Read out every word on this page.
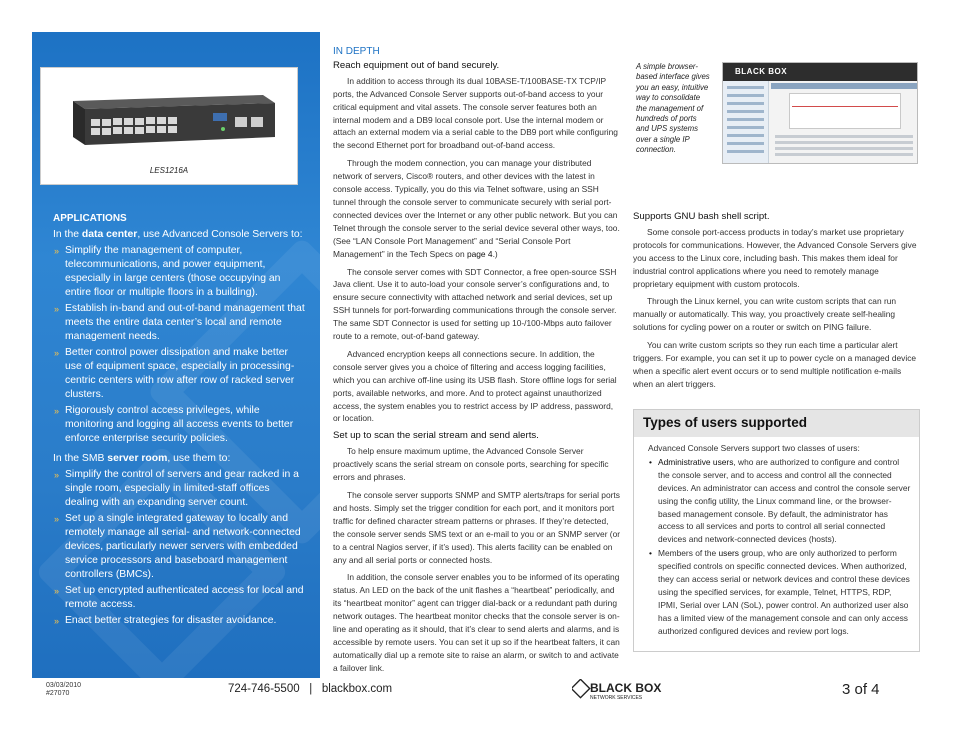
LES1216A
APPLICATIONS
In the data center, use Advanced Console Servers to:
» Simplify the management of computer, telecommunications, and power equipment, especially in large centers (those occupying an entire floor or multiple floors in a building).
» Establish in-band and out-of-band management that meets the entire data center’s local and remote management needs.
» Better control power dissipation and make better use of equipment space, especially in processing-centric centers with row after row of racked server clusters.
» Rigorously control access privileges, while monitoring and logging all access events to better enforce enterprise security policies.
In the SMB server room, use them to:
» Simplify the control of servers and gear racked in a single room, especially in limited-staff offices dealing with an expanding server count.
» Set up a single integrated gateway to locally and remotely manage all serial- and network-connected devices, particularly newer servers with embedded service processors and baseboard management controllers (BMCs).
» Set up encrypted authenticated access for local and remote access.
» Enact better strategies for disaster avoidance.
IN DEPTH
Reach equipment out of band securely.

In addition to access through its dual 10BASE-T/100BASE-TX TCP/IP ports, the Advanced Console Server supports out-of-band access to your critical equipment and vital assets. The console server features both an internal modem and a DB9 local console port. Use the internal modem or attach an external modem via a serial cable to the DB9 port while configuring the second Ethernet port for broadband out-of-band access.

Through the modem connection, you can manage your distributed network of servers, Cisco® routers, and other devices with the latest in console access. Typically, you do this via Telnet software, using an SSH tunnel through the console server to communicate securely with serial port-connected devices over the Internet or any other public network. But you can Telnet through the console server to the serial device several other ways, too. (See “LAN Console Port Management” and “Serial Console Port Management” in the Tech Specs on page 4.)

The console server comes with SDT Connector, a free open-source SSH Java client. Use it to auto-load your console server’s configurations and, to ensure secure connectivity with attached network and serial devices, set up SSH tunnels for port-forwarding communications through the console server. The same SDT Connector is used for setting up 10-/100-Mbps auto failover route to a remote, out-of-band gateway.

Advanced encryption keeps all connections secure. In addition, the console server gives you a choice of filtering and access logging facilities, which you can archive off-line using its USB flash. Store offline logs for serial ports, available networks, and more. And to protect against unauthorized access, the system enables you to restrict access by IP address, password, or location.

Set up to scan the serial stream and send alerts.

To help ensure maximum uptime, the Advanced Console Server proactively scans the serial stream on console ports, searching for specific errors and phrases.

The console server supports SNMP and SMTP alerts/traps for serial ports and hosts. Simply set the trigger condition for each port, and it monitors port traffic for defined character stream patterns or phrases. If they’re detected, the console server sends SMS text or an e-mail to you or an SNMP server (or to a central Nagios server, if it’s used). This alerts facility can be enabled on any and all serial ports or connected hosts.

In addition, the console server enables you to be informed of its operating status. An LED on the back of the unit flashes a “heartbeat” periodically, and its “heartbeat monitor” agent can trigger dial-back or a redundant path during network outages. The heartbeat monitor checks that the console server is on-line and operating as it should, that it’s clear to send alerts and alarms, and is accessible by remote users. You can set it up so if the heartbeat falters, it can automatically dial up a remote site to raise an alarm, or switch to and activate a failover link.

A simple browser-based interface gives you an easy, intuitive way to consolidate the management of hundreds of ports and UPS systems over a single IP connection.
BLACK BOX
Supports GNU bash shell script.

Some console port-access products in today’s market use proprietary protocols for communications. However, the Advanced Console Servers give you access to the Linux core, including bash. This makes them ideal for industrial control applications where you need to remotely manage proprietary equipment with custom protocols.

Through the Linux kernel, you can write custom scripts that can run manually or automatically. This way, you proactively create self-healing solutions for cycling power on a router or switch on PING failure.

You can write custom scripts so they run each time a particular alert triggers. For example, you can set it up to power cycle on a managed device when a specific alert event occurs or to send multiple notification e-mails when an alert triggers.

Types of users supported
Advanced Console Servers support two classes of users:
• Administrative users, who are authorized to configure and control the console server, and to access and control all the connected devices. An administrator can access and control the console server using the config utility, the Linux command line, or the browser-based management console. By default, the administrator has access to all services and ports to control all serial connected devices and network-connected devices (hosts).
• Members of the users group, who are only authorized to perform specified controls on specific connected devices. When authorized, they can access serial or network devices and control these devices using the specified services, for example, Telnet, HTTPS, RDP, IPMI, Serial over LAN (SoL), power control. An authorized user also has a limited view of the management console and can only access authorized configured devices and review port logs.
03/03/2010
#27070	724-746-5500 | blackbox.com	BLACK BOX
NETWORK SERVICES	3 of 4
